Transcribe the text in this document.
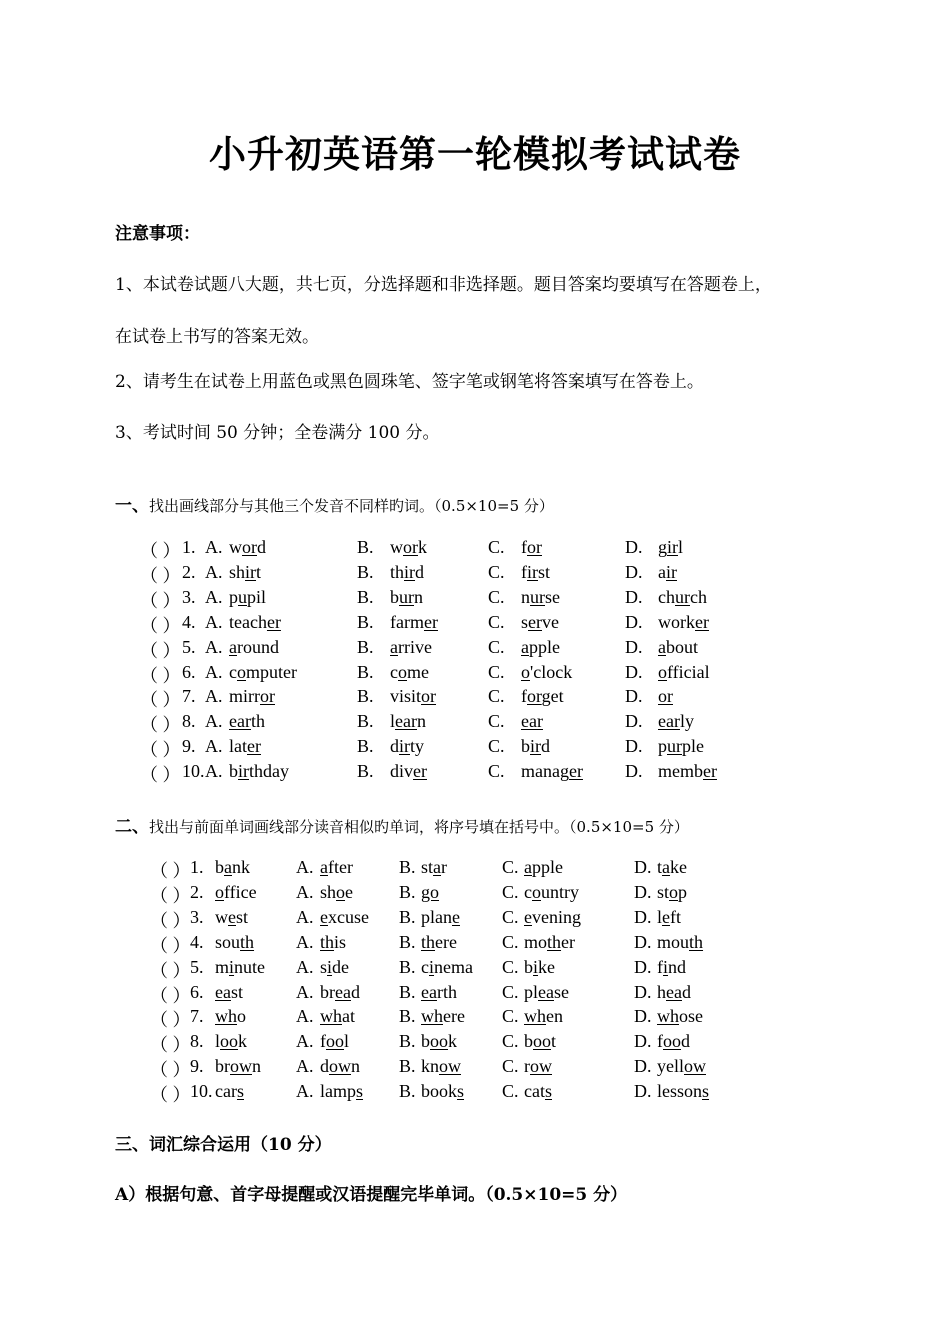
小升初英语第一轮模拟考试试卷
注意事项：
1、本试卷试题八大题，共七页，分选择题和非选择题。题目答案均要填写在答题卷上，
在试卷上书写的答案无效。
2、请考生在试卷上用蓝色或黑色圆珠笔、签字笔或钢笔将答案填写在答卷上。
3、考试时间 50 分钟；全卷满分 100 分。
一、找出画线部分与其他三个发音不同样旳词。（0.5×10=5 分）
（ ） 1. A. word	B. work	C. for	D. girl
（ ） 2. A. shirt	B. third	C. first	D. air
（ ） 3. A. pupil	B. burn	C. nurse	D. church
（ ） 4. A. teacher	B. farmer	C. serve	D. worker
（ ） 5. A. around	B. arrive	C. apple	D. about
（ ） 6. A. computer	B. come	C. o'clock	D. official
（ ） 7. A. mirror	B. visitor	C. forget	D. or
（ ） 8. A. earth	B. learn	C. ear	D. early
（ ） 9. A. later	B. dirty	C. bird	D. purple
（ ） 10. A. birthday	B. diver	C. manager D. member
二、找出与前面单词画线部分读音相似旳单词，将序号填在括号中。（0.5×10=5 分）
（ ） 1. bank	A. after	B. star	C. apple	D. take
（ ） 2. office A. shoe	B. go	C. country	D. stop
（ ） 3. west	A. excuse B. plane C. evening	D. left
（ ） 4. south A. this	B. there	C. mother	D. mouth
（ ） 5. minute A. side	B. cinema C. bike	D. find
（ ） 6. east	A. bread B. earth	C. please	D. head
（ ） 7. who	A. what B. where C. when	D. whose
（ ） 8. look	A. fool	B. book	C. boot	D. food
（ ） 9. brown A. down B. know C. row	D. yellow
（ ） 10. cars	A. lamps B. books C. cats	D. lessons
三、词汇综合运用（10 分）
A）根据句意、首字母提醒或汉语提醒完毕单词。（0.5×10=5 分）
